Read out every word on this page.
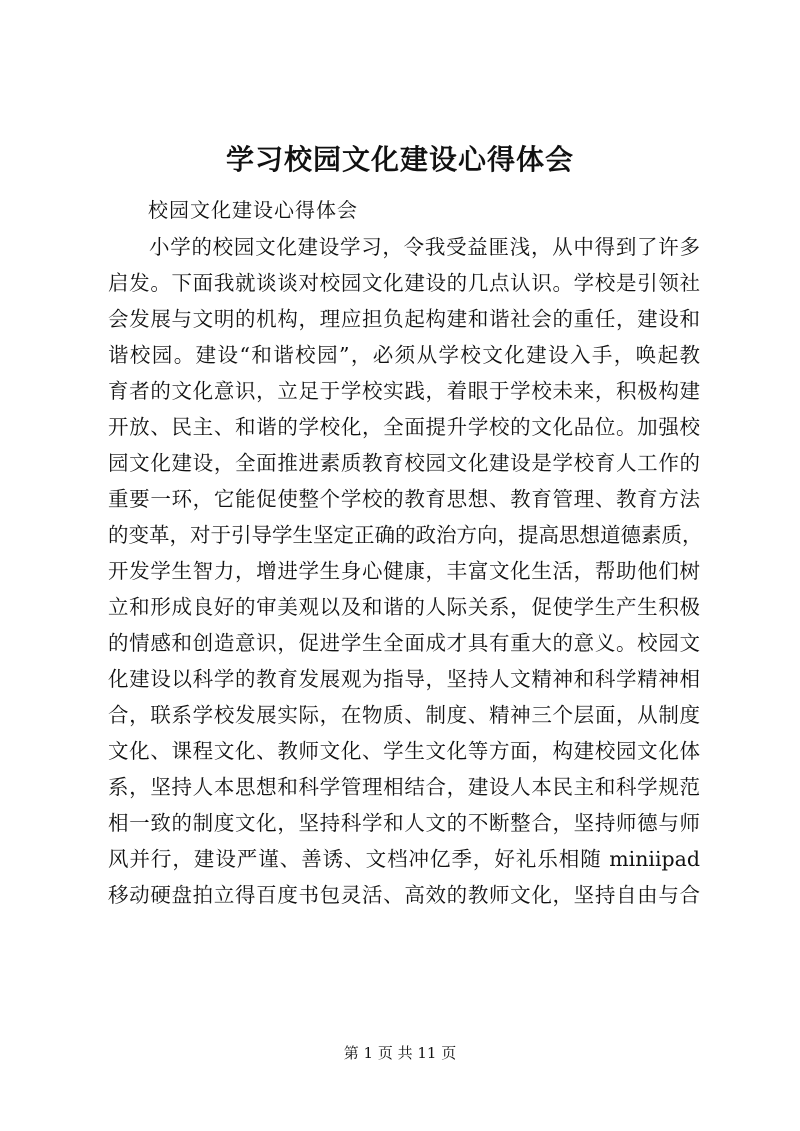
学习校园文化建设心得体会
校园文化建设心得体会
小学的校园文化建设学习，令我受益匪浅，从中得到了许多
启发。下面我就谈谈对校园文化建设的几点认识。学校是引领社
会发展与文明的机构，理应担负起构建和谐社会的重任，建设和
谐校园。建设“和谐校园”，必须从学校文化建设入手，唤起教
育者的文化意识，立足于学校实践，着眼于学校未来，积极构建
开放、民主、和谐的学校化，全面提升学校的文化品位。加强校
园文化建设，全面推进素质教育校园文化建设是学校育人工作的
重要一环，它能促使整个学校的教育思想、教育管理、教育方法
的变革，对于引导学生坚定正确的政治方向，提高思想道德素质，
开发学生智力，增进学生身心健康，丰富文化生活，帮助他们树
立和形成良好的审美观以及和谐的人际关系，促使学生产生积极
的情感和创造意识，促进学生全面成才具有重大的意义。校园文
化建设以科学的教育发展观为指导，坚持人文精神和科学精神相
合，联系学校发展实际，在物质、制度、精神三个层面，从制度
文化、课程文化、教师文化、学生文化等方面，构建校园文化体
系，坚持人本思想和科学管理相结合，建设人本民主和科学规范
相一致的制度文化，坚持科学和人文的不断整合，坚持师德与师
风并行，建设严谨、善诱、文档冲亿季，好礼乐相随 miniipad
移动硬盘拍立得百度书包灵活、高效的教师文化，坚持自由与合
第 1 页 共 11 页
